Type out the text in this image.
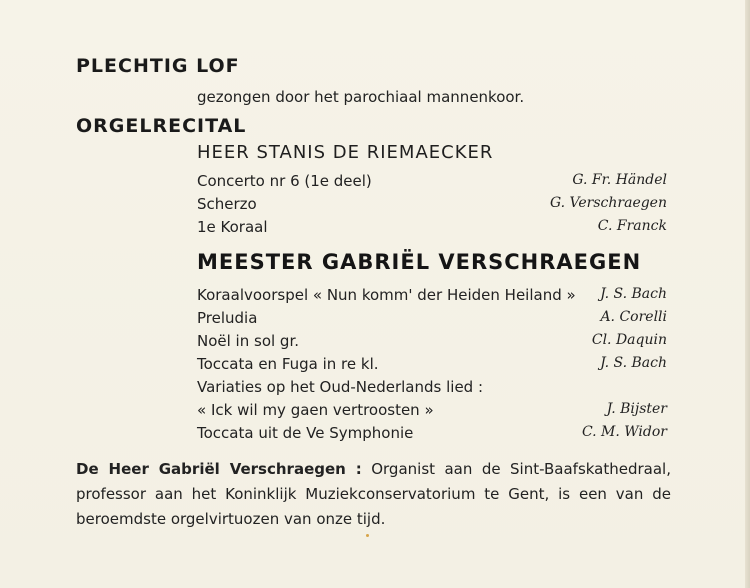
PLECHTIG LOF
gezongen door het parochiaal mannenkoor.
ORGELRECITAL
HEER STANIS DE RIEMAECKER
Concerto nr 6 (1e deel)	G. Fr. Händel
Scherzo	G. Verschraegen
1e Koraal	C. Franck
MEESTER GABRIËL VERSCHRAEGEN
Koraalvoorspel « Nun komm' der Heiden Heiland » J. S. Bach
Preludia	A. Corelli
Noël in sol gr.	Cl. Daquin
Toccata en Fuga in re kl.	J. S. Bach
Variaties op het Oud-Nederlands lied :
« Ick wil my gaen vertroosten »	J. Bijster
Toccata uit de Ve Symphonie	C. M. Widor
De Heer Gabriël Verschraegen : Organist aan de Sint-Baafskathedraal,
professor aan het Koninklijk Muziekconservatorium te Gent, is een van de
beroemdste orgelvirtuozen van onze tijd.
